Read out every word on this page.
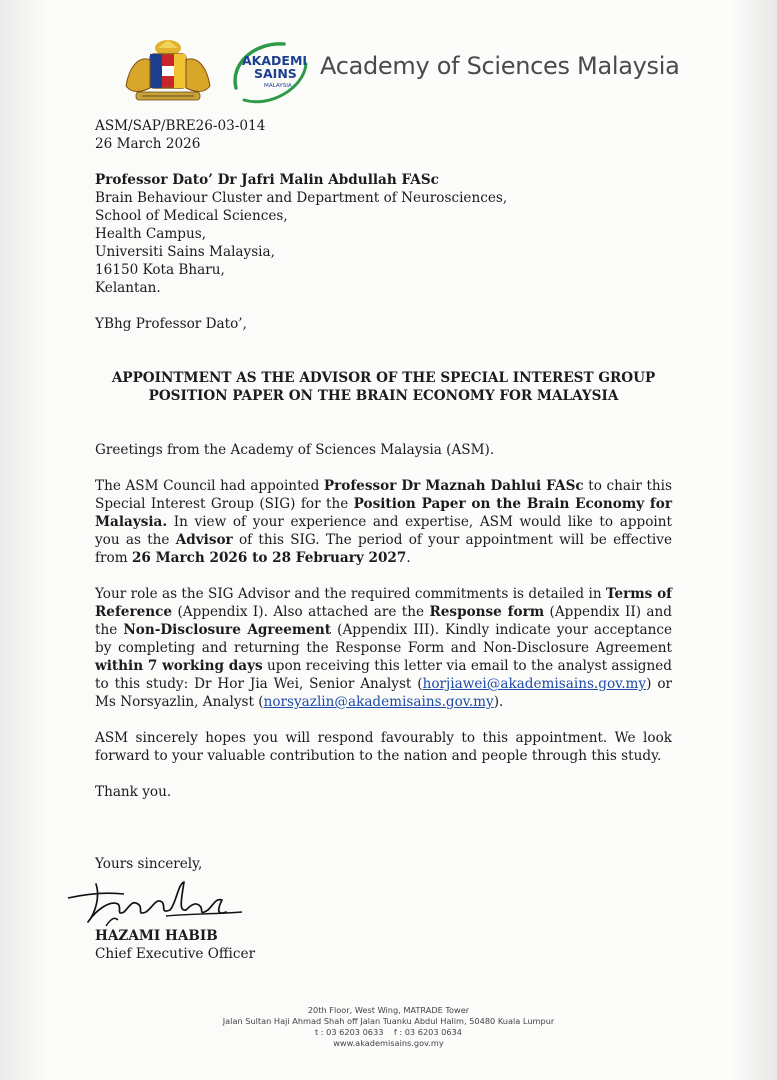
AKADEMI
SAINS
MALAYSIA
Academy of Sciences Malaysia
ASM/SAP/BRE26-03-014
26 March 2026
Professor Dato’ Dr Jafri Malin Abdullah FASc
Brain Behaviour Cluster and Department of Neurosciences,
School of Medical Sciences,
Health Campus,
Universiti Sains Malaysia,
16150 Kota Bharu,
Kelantan.
YBhg Professor Dato’,
APPOINTMENT AS THE ADVISOR OF THE SPECIAL INTEREST GROUP
POSITION PAPER ON THE BRAIN ECONOMY FOR MALAYSIA
Greetings from the Academy of Sciences Malaysia (ASM).
The ASM Council had appointed Professor Dr Maznah Dahlui FASc to chair this Special Interest Group (SIG) for the Position Paper on the Brain Economy for Malaysia. In view of your experience and expertise, ASM would like to appoint you as the Advisor of this SIG. The period of your appointment will be effective from 26 March 2026 to 28 February 2027.
Your role as the SIG Advisor and the required commitments is detailed in Terms of Reference (Appendix I). Also attached are the Response form (Appendix II) and the Non-Disclosure Agreement (Appendix III). Kindly indicate your acceptance by completing and returning the Response Form and Non-Disclosure Agreement within 7 working days upon receiving this letter via email to the analyst assigned to this study: Dr Hor Jia Wei, Senior Analyst (horjiawei@akademisains.gov.my) or Ms Norsyazlin, Analyst (norsyazlin@akademisains.gov.my).
ASM sincerely hopes you will respond favourably to this appointment. We look forward to your valuable contribution to the nation and people through this study.
Thank you.
Yours sincerely,
HAZAMI HABIB
Chief Executive Officer
20th Floor, West Wing, MATRADE Tower
Jalan Sultan Haji Ahmad Shah off Jalan Tuanku Abdul Halim, 50480 Kuala Lumpur
t : 03 6203 0633 f : 03 6203 0634
www.akademisains.gov.my
